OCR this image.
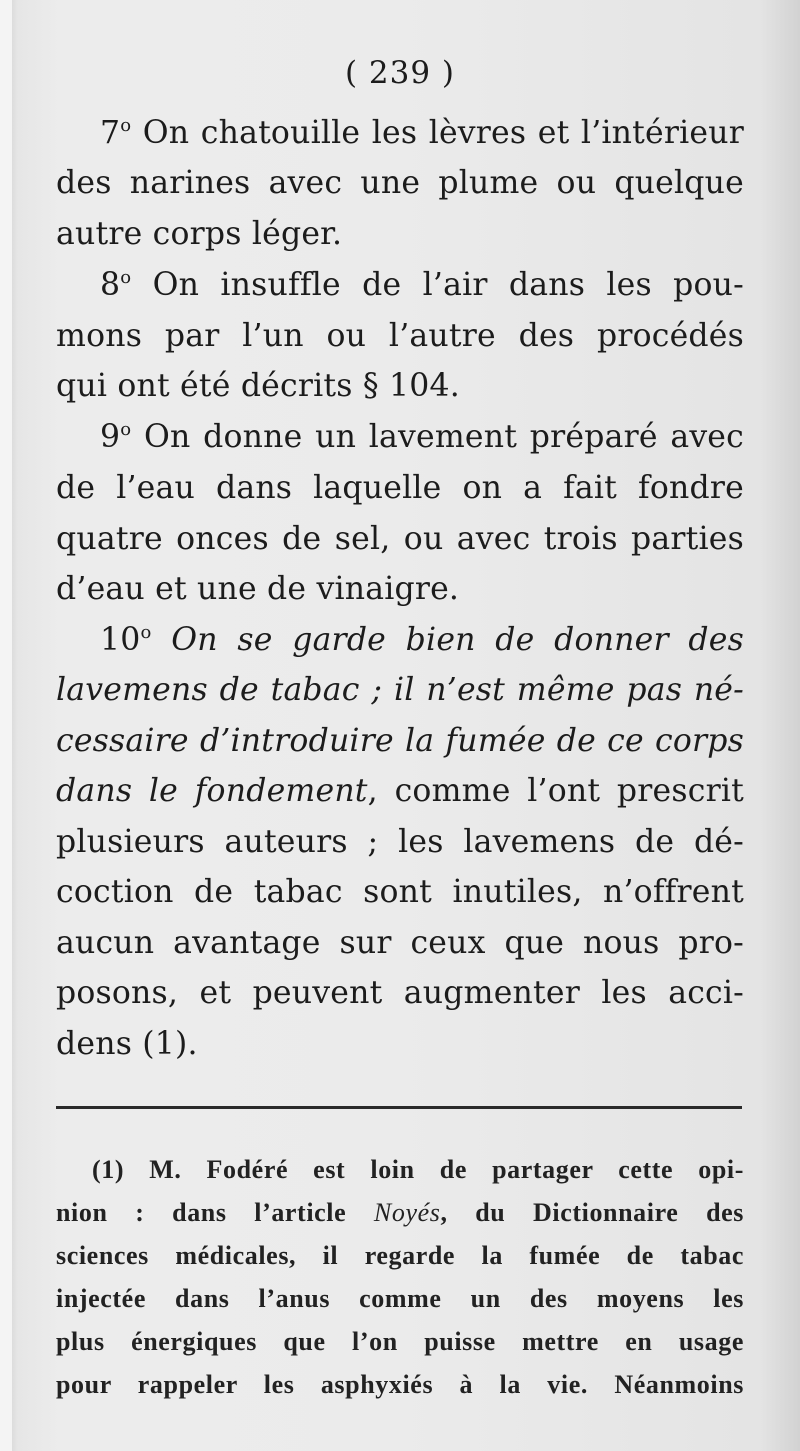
( 239 )
7$^o$ On chatouille les lèvres et l’intérieur
des narines avec une plume ou quelque
autre corps léger.
8$^o$ On insuffle de l’air dans les pou-
mons par l’un ou l’autre des procédés
qui ont été décrits § 104.
9$^o$ On donne un lavement préparé avec
de l’eau dans laquelle on a fait fondre
quatre onces de sel, ou avec trois parties
d’eau et une de vinaigre.
10$^o$ On se garde bien de donner des
lavemens de tabac ; il n’est même pas né-
cessaire d’introduire la fumée de ce corps
dans le fondement, comme l’ont prescrit
plusieurs auteurs ; les lavemens de dé-
coction de tabac sont inutiles, n’offrent
aucun avantage sur ceux que nous pro-
posons, et peuvent augmenter les acci-
dens (1).
(1) M. Fodéré est loin de partager cette opi-
nion : dans l’article Noyés, du Dictionnaire des
sciences médicales, il regarde la fumée de tabac
injectée dans l’anus comme un des moyens les
plus énergiques que l’on puisse mettre en usage
pour rappeler les asphyxiés à la vie. Néanmoins
